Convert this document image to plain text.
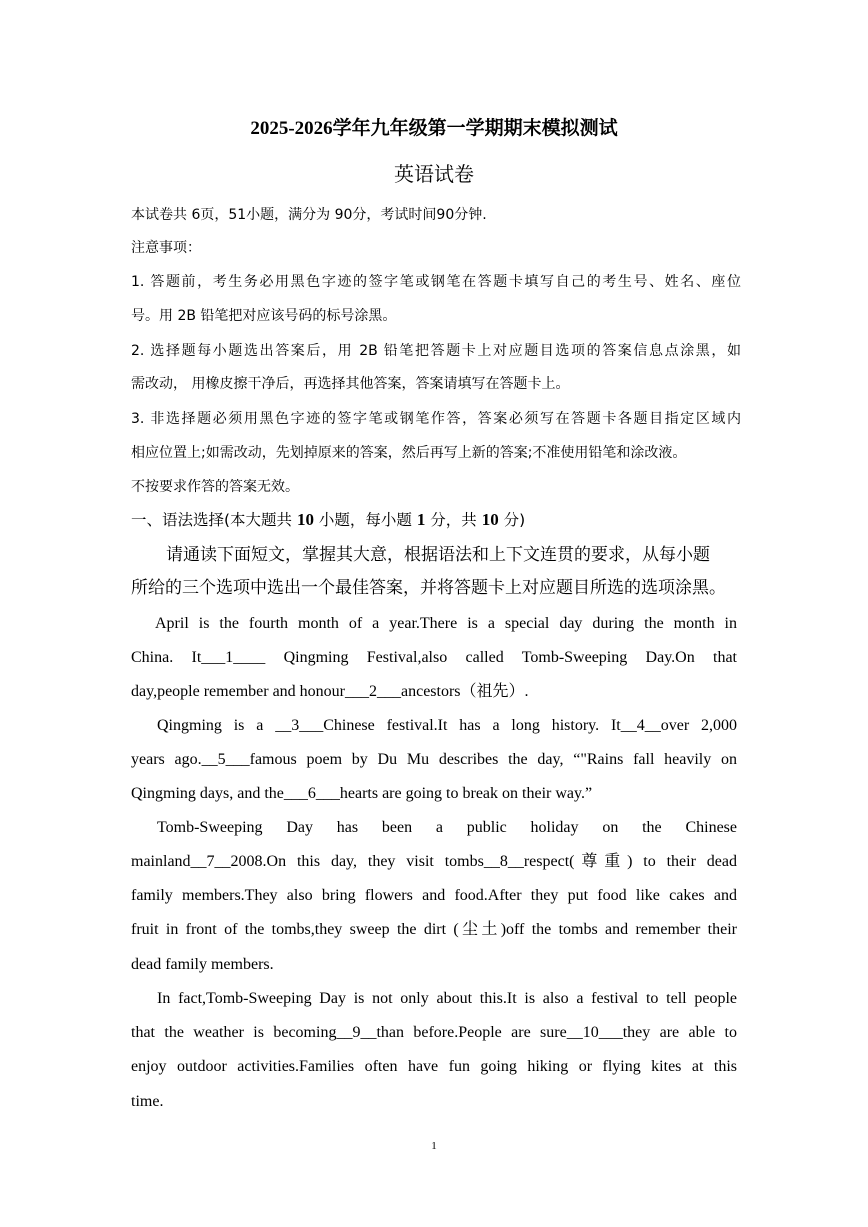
2025-2026学年九年级第一学期期末模拟测试
英语试卷
本试卷共 6页，51小题，满分为 90分，考试时间90分钟.
注意事项：
1. 答题前，考生务必用黑色字迹的签字笔或钢笔在答题卡填写自己的考生号、姓名、座位
号。用 2B 铅笔把对应该号码的标号涂黑。
2. 选择题每小题选出答案后，用 2B 铅笔把答题卡上对应题目选项的答案信息点涂黑，如
需改动， 用橡皮擦干净后，再选择其他答案，答案请填写在答题卡上。
3. 非选择题必须用黑色字迹的签字笔或钢笔作答，答案必须写在答题卡各题目指定区域内
相应位置上;如需改动，先划掉原来的答案，然后再写上新的答案;不准使用铅笔和涂改液。
不按要求作答的答案无效。
一、语法选择(本大题共 10 小题，每小题 1 分，共 10 分)
请通读下面短文，掌握其大意，根据语法和上下文连贯的要求，从每小题
所给的三个选项中选出一个最佳答案，并将答题卡上对应题目所选的选项涂黑。
April is the fourth month of a year.There is a special day during the month in
China. It___1____ Qingming Festival,also called Tomb-Sweeping Day.On that
day,people remember and honour___2___ancestors（祖先）.
Qingming is a __3___Chinese festival.It has a long history. It__4__over 2,000
years ago.__5___famous poem by Du Mu describes the day, “"Rains fall heavily on
Qingming days, and the___6___hearts are going to break on their way.”
Tomb-Sweeping Day has been a public holiday on the Chinese
mainland__7__2008.On this day, they visit tombs__8__respect(尊重) to their dead
family members.They also bring flowers and food.After they put food like cakes and
fruit in front of the tombs,they sweep the dirt (尘土)off the tombs and remember their
dead family members.
In fact,Tomb-Sweeping Day is not only about this.It is also a festival to tell people
that the weather is becoming__9__than before.People are sure__10___they are able to
enjoy outdoor activities.Families often have fun going hiking or flying kites at this
time.
1
